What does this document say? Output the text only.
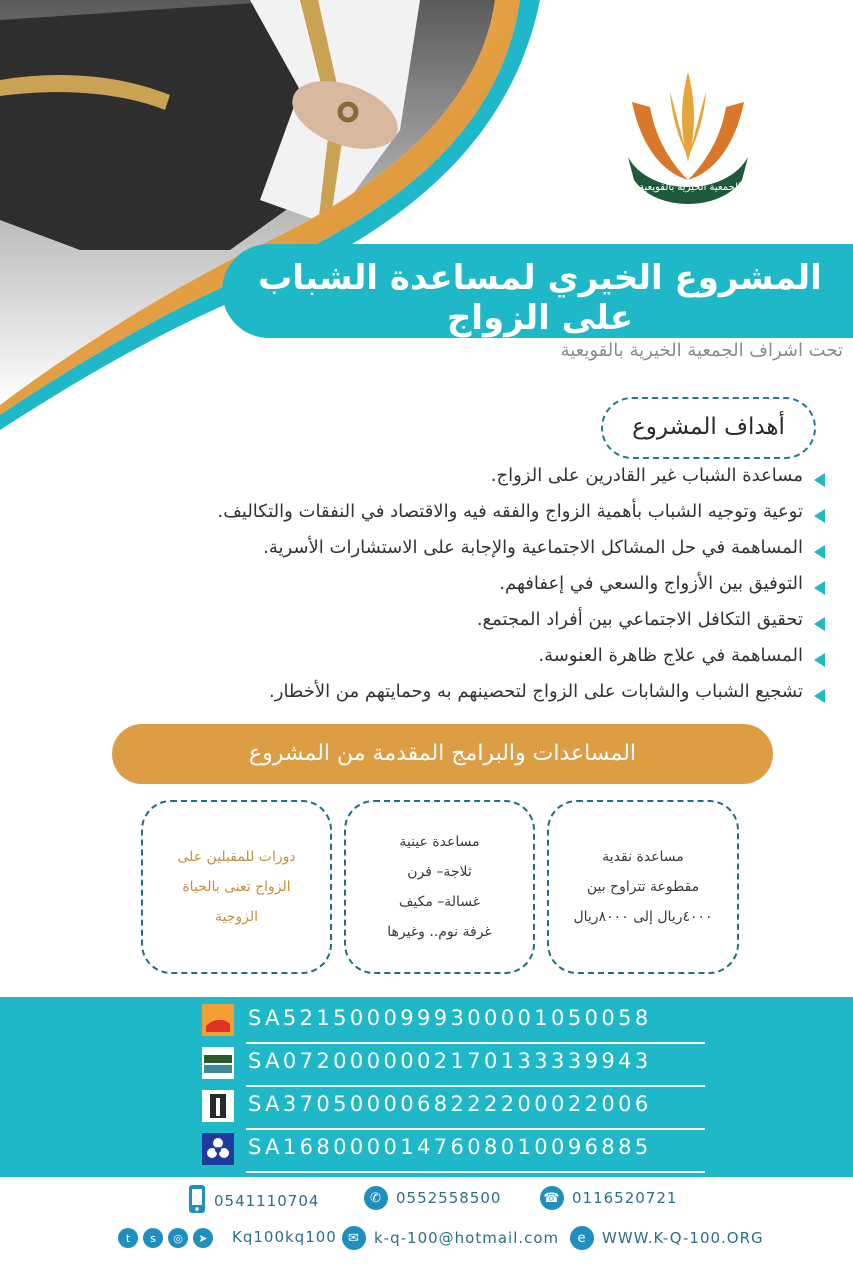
الجمعية الخيرية بالقويعية
المشروع الخيري لمساعدة الشباب على الزواج
تحت اشراف الجمعية الخيرية بالقويعية
أهداف المشروع
مساعدة الشباب غير القادرين على الزواج.
توعية وتوجيه الشباب بأهمية الزواج والفقه فيه والاقتصاد في النفقات والتكاليف.
المساهمة في حل المشاكل الاجتماعية والإجابة على الاستشارات الأسرية.
التوفيق بين الأزواج والسعي في إعفافهم.
تحقيق التكافل الاجتماعي بين أفراد المجتمع.
المساهمة في علاج ظاهرة العنوسة.
تشجيع الشباب والشابات على الزواج لتحصينهم به وحمايتهم من الأخطار.
المساعدات والبرامج المقدمة من المشروع
مساعدة نقدية
مقطوعة تتراوح بين
٤٠٠٠ريال إلى ٨٠٠٠ريال
مساعدة عينية
ثلاجة– فرن
غسالة– مكيف
غرفة نوم.. وغيرها
دورات للمقبلين على
الزواج تعنى بالحياة
الزوجية
SA5215000999300001050058
SA0720000002170133339943
SA3705000068222200022006
SA1680000147608010096885
0541110704	✆ 0552558500	☎ 0116520721
t	s	◎	➤	Kq100kq100 ✉ k-q-100@hotmail.com	e	WWW.K-Q-100.ORG
